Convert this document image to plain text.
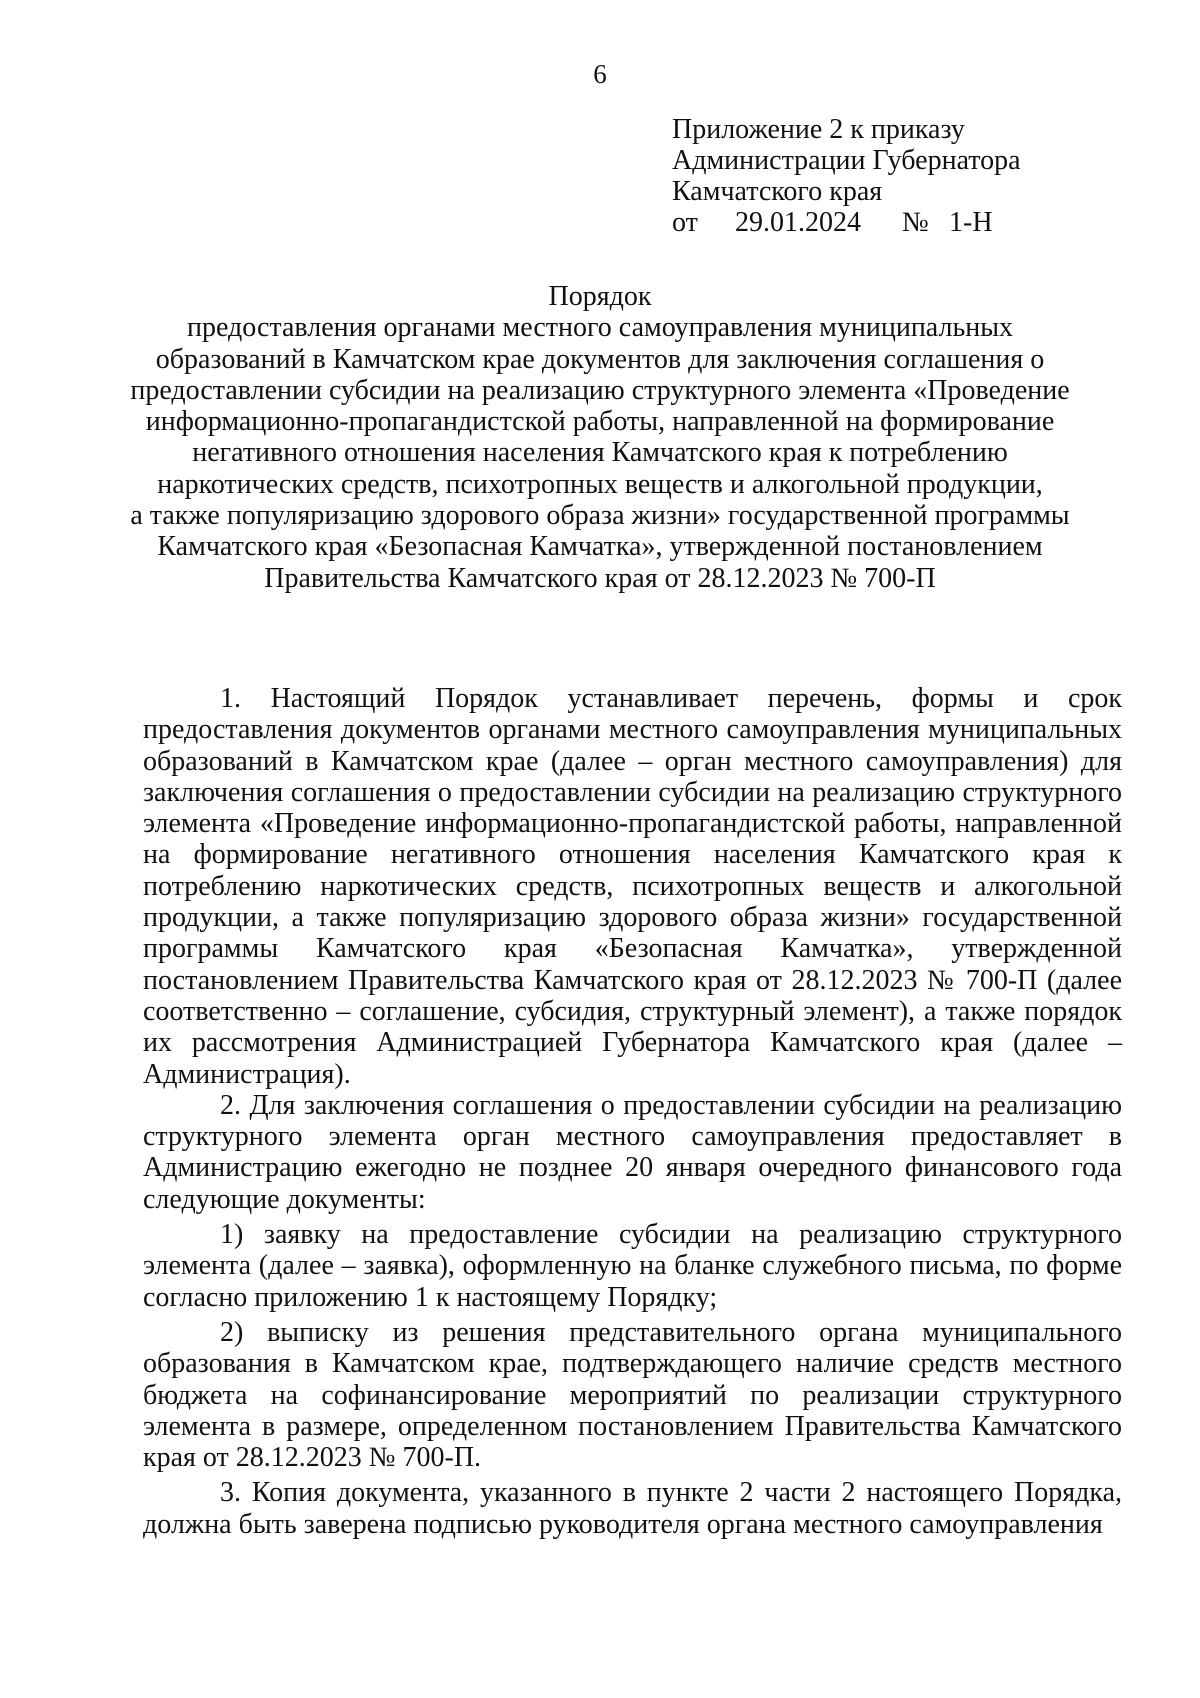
6
Приложение 2 к приказу
Администрации Губернатора
Камчатского края
от 29.01.2024 № 1-Н
Порядок
предоставления органами местного самоуправления муниципальных
образований в Камчатском крае документов для заключения соглашения о
предоставлении субсидии на реализацию структурного элемента «Проведение
информационно-пропагандистской работы, направленной на формирование
негативного отношения населения Камчатского края к потреблению
наркотических средств, психотропных веществ и алкогольной продукции,
а также популяризацию здорового образа жизни» государственной программы
Камчатского края «Безопасная Камчатка», утвержденной постановлением
Правительства Камчатского края от 28.12.2023 № 700-П

1. Настоящий Порядок устанавливает перечень, формы и срок предоставления документов органами местного самоуправления муниципальных образований в Камчатском крае (далее – орган местного самоуправления) для заключения соглашения о предоставлении субсидии на реализацию структурного элемента «Проведение информационно-пропагандистской работы, направленной на формирование негативного отношения населения Камчатского края к потреблению наркотических средств, психотропных веществ и алкогольной продукции, а также популяризацию здорового образа жизни» государственной программы Камчатского края «Безопасная Камчатка», утвержденной постановлением Правительства Камчатского края от 28.12.2023 № 700-П (далее соответственно – соглашение, субсидия, структурный элемент), а также порядок их рассмотрения Администрацией Губернатора Камчатского края (далее – Администрация).

2. Для заключения соглашения о предоставлении субсидии на реализацию структурного элемента орган местного самоуправления предоставляет в Администрацию ежегодно не позднее 20 января очередного финансового года следующие документы:

1) заявку на предоставление субсидии на реализацию структурного элемента (далее – заявка), оформленную на бланке служебного письма, по форме согласно приложению 1 к настоящему Порядку;

2) выписку из решения представительного органа муниципального образования в Камчатском крае, подтверждающего наличие средств местного бюджета на софинансирование мероприятий по реализации структурного элемента в размере, определенном постановлением Правительства Камчатского края от 28.12.2023 № 700-П.

3. Копия документа, указанного в пункте 2 части 2 настоящего Порядка, должна быть заверена подписью руководителя органа местного самоуправления
